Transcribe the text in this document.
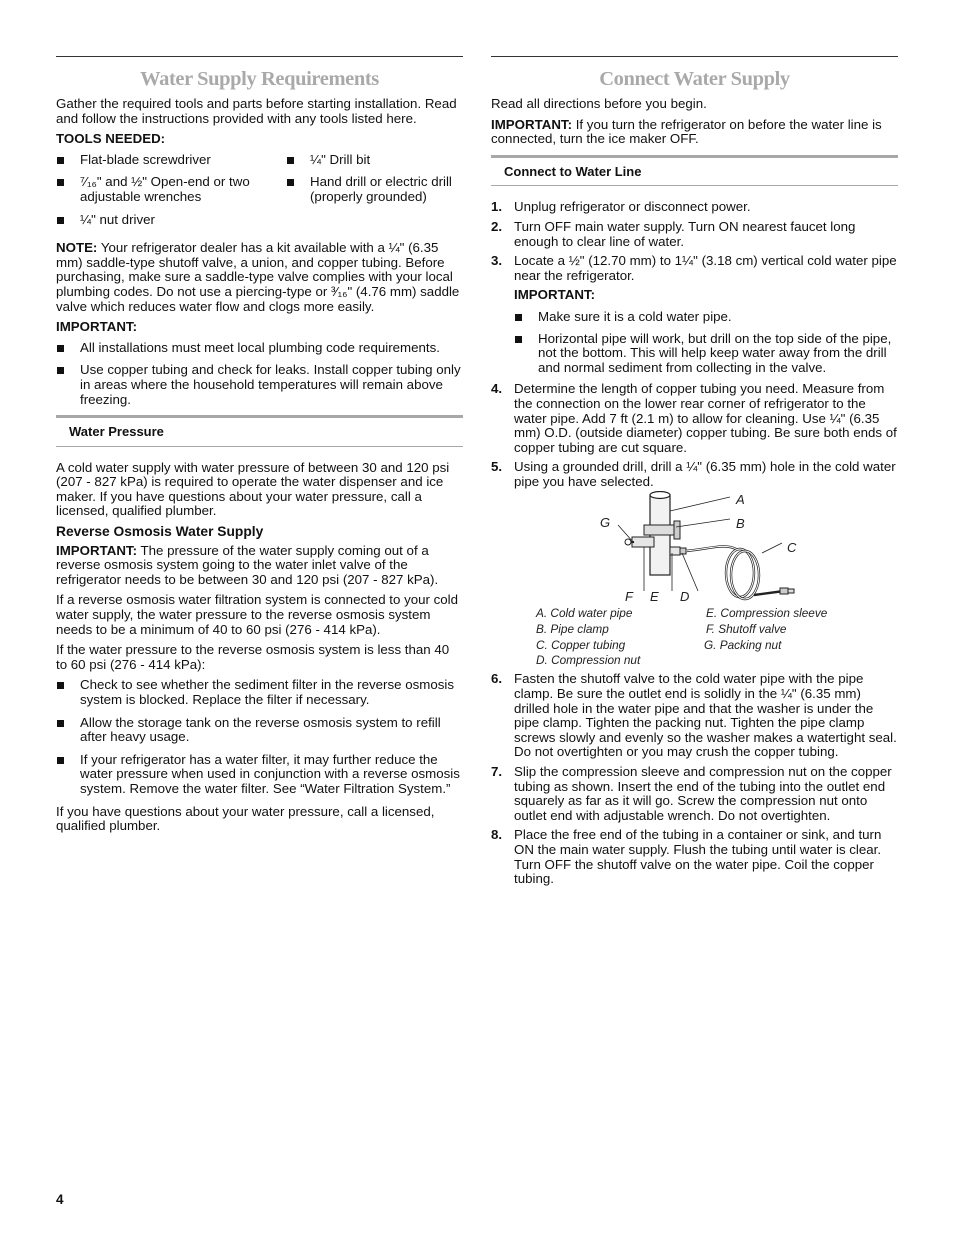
Water Supply Requirements

Gather the required tools and parts before starting installation. Read and follow the instructions provided with any tools listed here.

TOOLS NEEDED:

Flat-blade screwdriver	¼" Drill bit
⁷⁄₁₆" and ½" Open-end or two adjustable wrenches
Hand drill or electric drill (properly grounded)
¼" nut driver

NOTE: Your refrigerator dealer has a kit available with a ¼" (6.35 mm) saddle-type shutoff valve, a union, and copper tubing. Before purchasing, make sure a saddle-type valve complies with your local plumbing codes. Do not use a piercing-type or ³⁄₁₆" (4.76 mm) saddle valve which reduces water flow and clogs more easily.

IMPORTANT:

All installations must meet local plumbing code requirements.
Use copper tubing and check for leaks. Install copper tubing only in areas where the household temperatures will remain above freezing.
Water Pressure

A cold water supply with water pressure of between 30 and 120 psi (207 - 827 kPa) is required to operate the water dispenser and ice maker. If you have questions about your water pressure, call a licensed, qualified plumber.

Reverse Osmosis Water Supply

IMPORTANT: The pressure of the water supply coming out of a reverse osmosis system going to the water inlet valve of the refrigerator needs to be between 30 and 120 psi (207 - 827 kPa).

If a reverse osmosis water filtration system is connected to your cold water supply, the water pressure to the reverse osmosis system needs to be a minimum of 40 to 60 psi (276 - 414 kPa).

If the water pressure to the reverse osmosis system is less than 40 to 60 psi (276 - 414 kPa):

Check to see whether the sediment filter in the reverse osmosis system is blocked. Replace the filter if necessary.
Allow the storage tank on the reverse osmosis system to refill after heavy usage.
If your refrigerator has a water filter, it may further reduce the water pressure when used in conjunction with a reverse osmosis system. Remove the water filter. See “Water Filtration System.”

If you have questions about your water pressure, call a licensed, qualified plumber.

Connect Water Supply

Read all directions before you begin.

IMPORTANT: If you turn the refrigerator on before the water line is connected, turn the ice maker OFF.

Connect to Water Line
1. Unplug refrigerator or disconnect power.
2. Turn OFF main water supply. Turn ON nearest faucet long enough to clear line of water.
3. Locate a ½" (12.70 mm) to 1¼" (3.18 cm) vertical cold water pipe near the refrigerator.
IMPORTANT:
Make sure it is a cold water pipe.
Horizontal pipe will work, but drill on the top side of the pipe, not the bottom. This will help keep water away from the drill and normal sediment from collecting in the valve.
4. Determine the length of copper tubing you need. Measure from the connection on the lower rear corner of refrigerator to the water pipe. Add 7 ft (2.1 m) to allow for cleaning. Use ¼" (6.35 mm) O.D. (outside diameter) copper tubing. Be sure both ends of copper tubing are cut square.
5. Using a grounded drill, drill a ¼" (6.35 mm) hole in the cold water pipe you have selected.
A
B
C
G
F E D
A. Cold water pipe
B. Pipe clamp
C. Copper tubing
D. Compression nut
E. Compression sleeve
F. Shutoff valve
G. Packing nut
6. Fasten the shutoff valve to the cold water pipe with the pipe clamp. Be sure the outlet end is solidly in the ¼" (6.35 mm) drilled hole in the water pipe and that the washer is under the pipe clamp. Tighten the packing nut. Tighten the pipe clamp screws slowly and evenly so the washer makes a watertight seal. Do not overtighten or you may crush the copper tubing.
7. Slip the compression sleeve and compression nut on the copper tubing as shown. Insert the end of the tubing into the outlet end squarely as far as it will go. Screw the compression nut onto outlet end with adjustable wrench. Do not overtighten.
8. Place the free end of the tubing in a container or sink, and turn ON the main water supply. Flush the tubing until water is clear. Turn OFF the shutoff valve on the water pipe. Coil the copper tubing.
4
